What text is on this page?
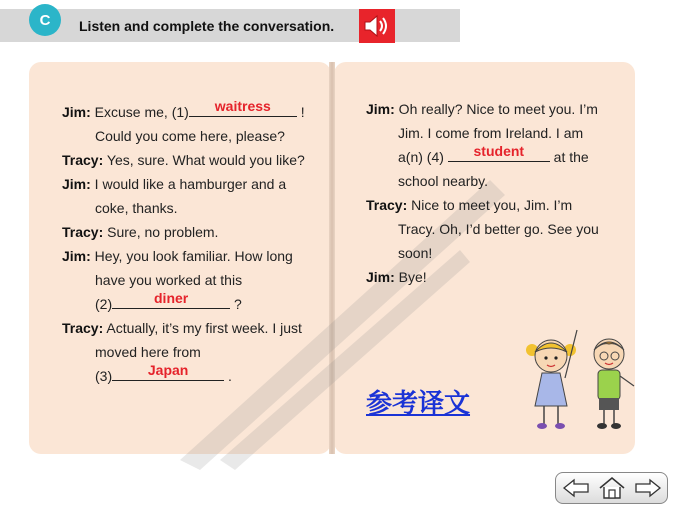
C	Listen and complete the conversation.
Jim: Excuse me, (1)	waitress	!
Could you come here, please?
Tracy: Yes, sure. What would you like?
Jim: I would like a hamburger and a
coke, thanks.
Tracy: Sure, no problem.
Jim: Hey, you look familiar. How long
have you worked at this
(2)	diner	?
Tracy: Actually, it’s my first week. I just
moved here from
(3)	Japan	.
Jim: Oh really? Nice to meet you. I’m
Jim. I come from Ireland. I am
a(n) (4)	student	at the
school nearby.
Tracy: Nice to meet you, Jim. I’m
Tracy. Oh, I’d better go. See you
soon!
Jim: Bye!
参考译文
